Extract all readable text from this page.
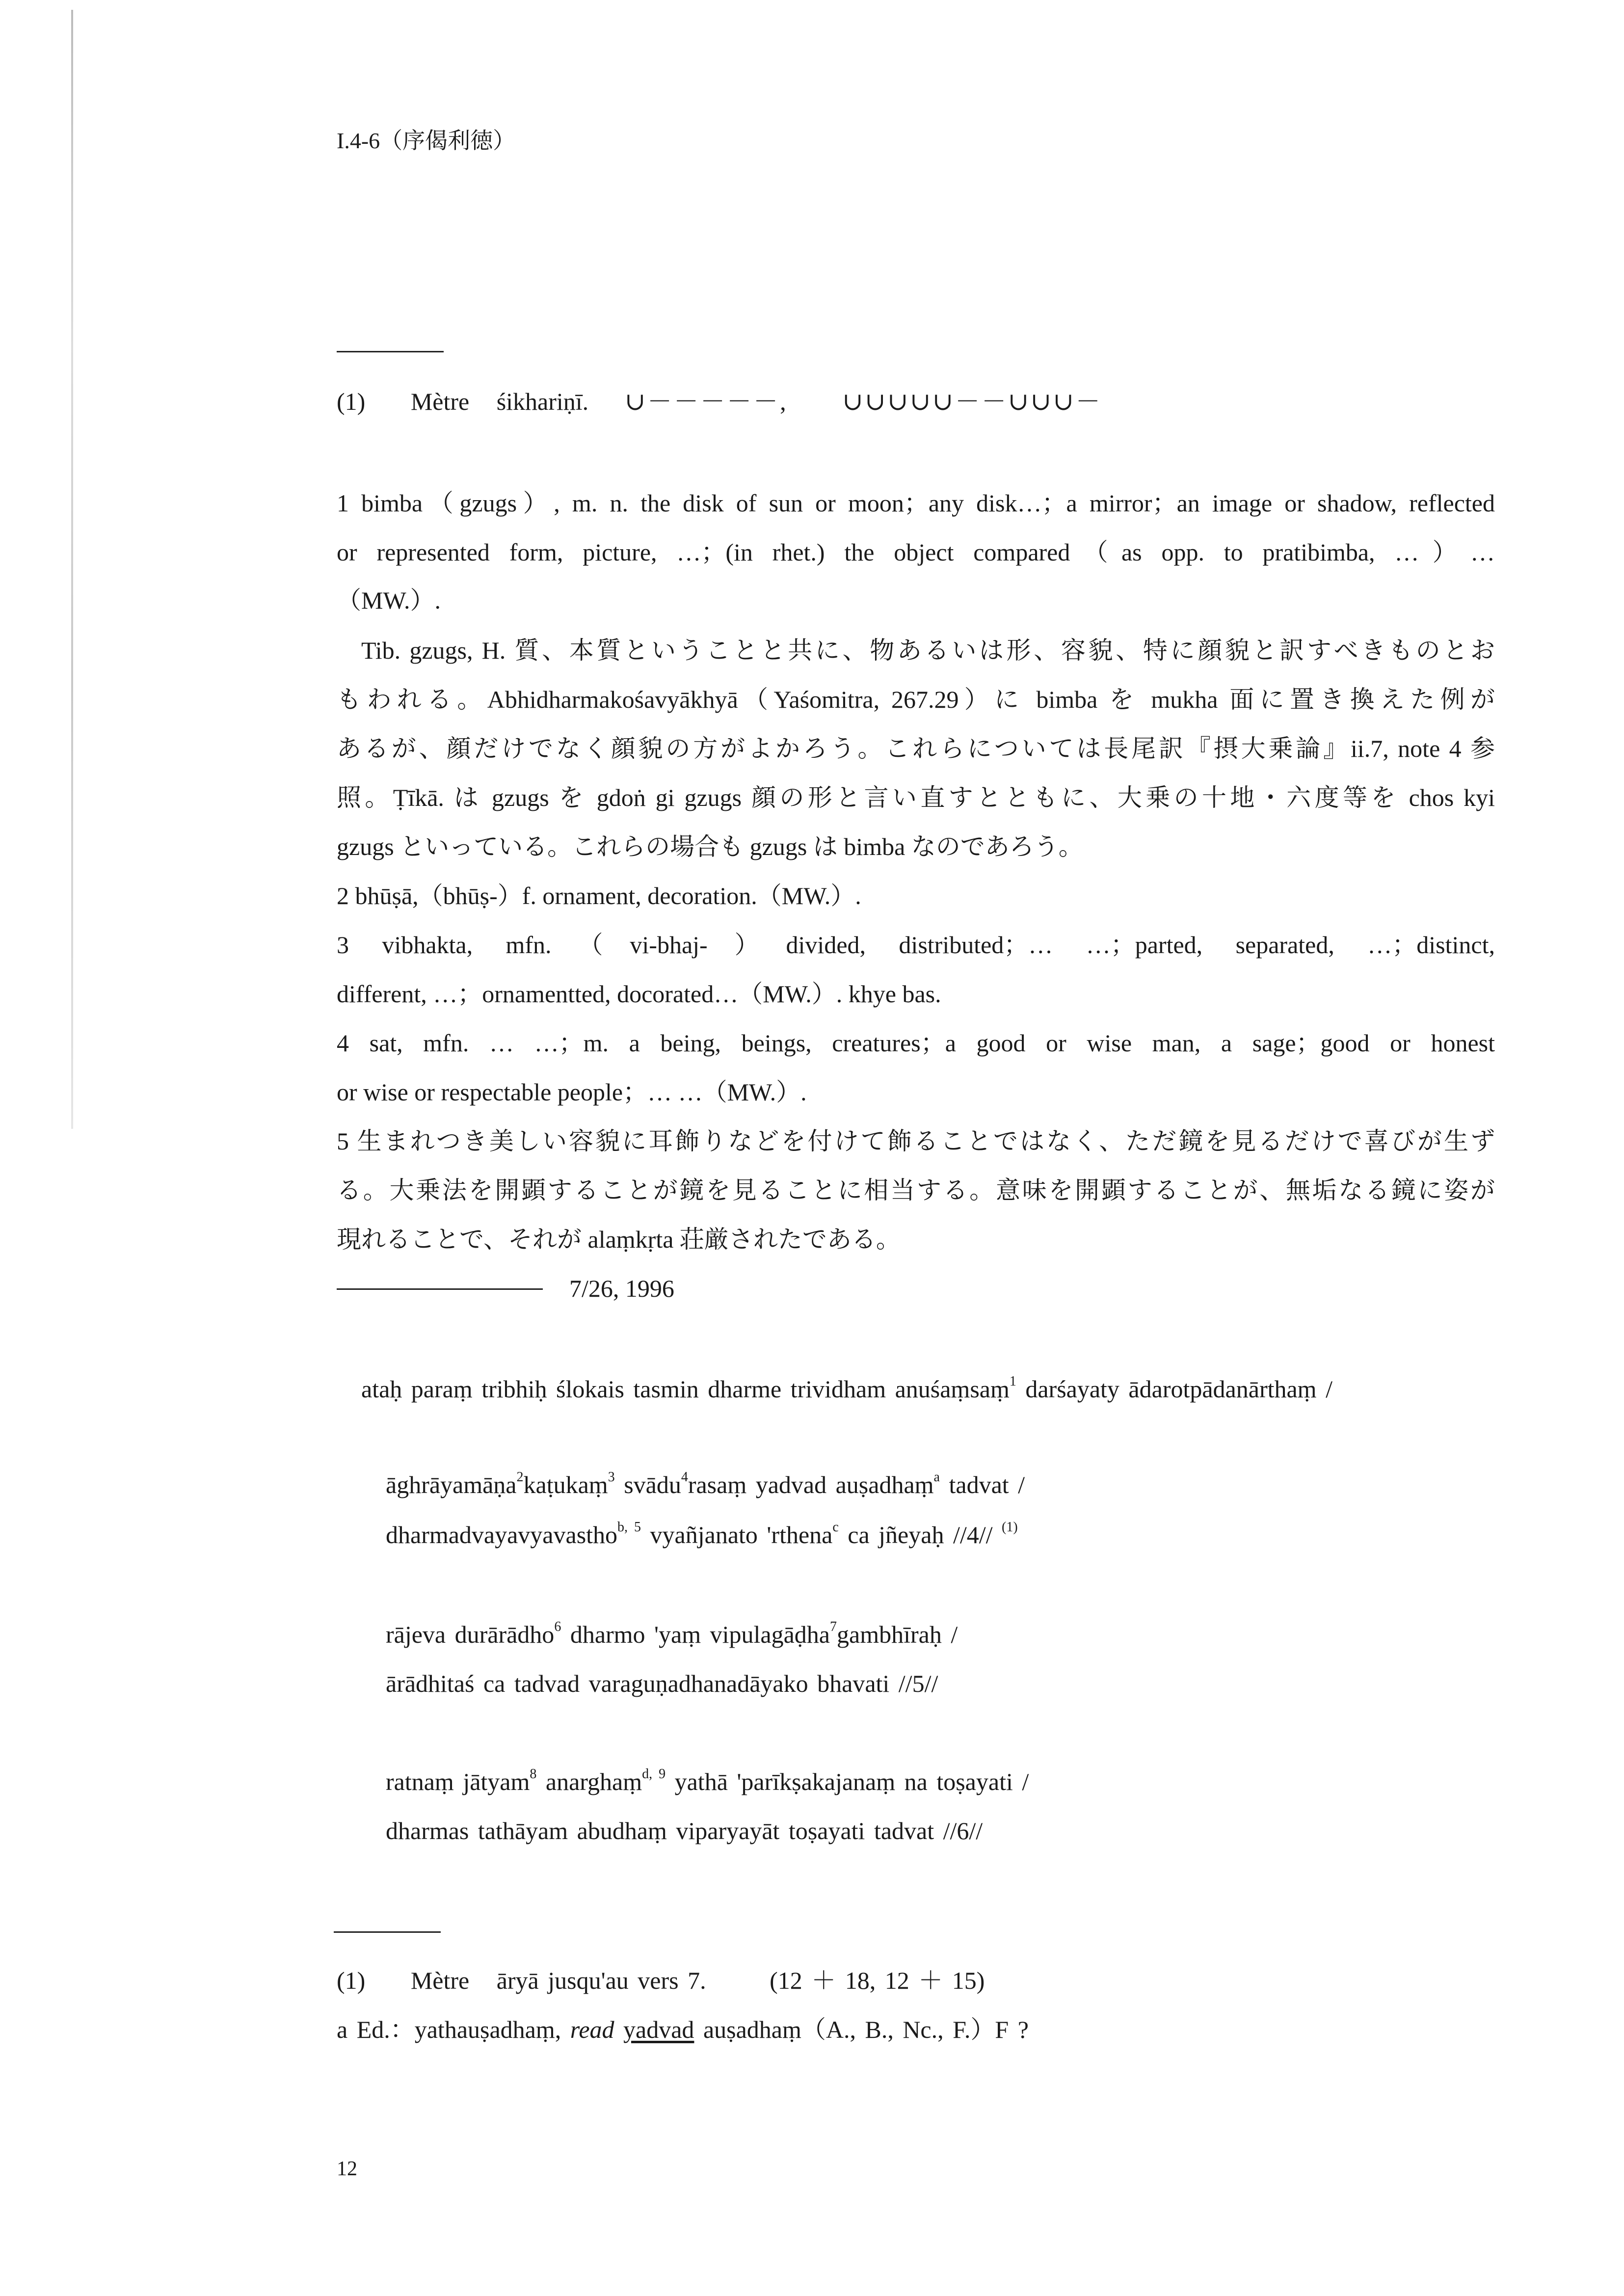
I.4-6（序偈利徳）
(1) Mètre śikhariṇī. ∪－－－－－, ∪∪∪∪∪－－∪∪∪－
1 bimba（gzugs）, m. n. the disk of sun or moon；any disk…；a mirror；an image or shadow, reflected
or represented form, picture, …；(in rhet.) the object compared（as opp. to pratibimba, …）…
（MW.）.
Tib. gzugs, H. 質、本質ということと共に、物あるいは形、容貌、特に顔貌と訳すべきものとお
もわれる。Abhidharmakośavyākhyā（Yaśomitra, 267.29）に bimba を mukha 面に置き換えた例が
あるが、顔だけでなく顔貌の方がよかろう。これらについては長尾訳『摂大乗論』ii.7, note 4 参
照。Ṭīkā. は gzugs を gdoṅ gi gzugs 顔の形と言い直すとともに、大乗の十地・六度等を chos kyi
gzugs といっている。これらの場合も gzugs は bimba なのであろう。
2 bhūṣā,（bhūṣ-）f. ornament, decoration.（MW.）.
3 vibhakta, mfn.（vi-bhaj-）divided, distributed；… …；parted, separated, …；distinct,
different, …；ornamentted, docorated…（MW.）. khye bas.
4 sat, mfn. … …；m. a being, beings, creatures；a good or wise man, a sage；good or honest
or wise or respectable people；… …（MW.）.
5 生まれつき美しい容貌に耳飾りなどを付けて飾ることではなく、ただ鏡を見るだけで喜びが生ず
る。大乗法を開顕することが鏡を見ることに相当する。意味を開顕することが、無垢なる鏡に姿が
現れることで、それが alaṃkṛta 荘厳されたである。
7/26, 1996
ataḥ paraṃ tribhiḥ ślokais tasmin dharme trividham anuśaṃsaṃ$^1$ darśayaty ādarotpādanārthaṃ /
āghrāyamāṇa$^2$kaṭukaṃ$^3$ svādu$^4$rasaṃ yadvad auṣadhaṃ$^a$ tadvat /
dharmadvayavyavastho$^{b, 5}$ vyañjanato 'rthena$^c$ ca jñeyaḥ //4// $^{(1)}$
rājeva durārādho$^6$ dharmo 'yaṃ vipulagāḍha$^7$gambhīraḥ /
ārādhitaś ca tadvad varaguṇadhanadāyako bhavati //5//
ratnaṃ jātyam$^8$ anarghaṃ$^{d, 9}$ yathā 'parīkṣakajanaṃ na toṣayati /
dharmas tathāyam abudhaṃ viparyayāt toṣayati tadvat //6//
(1) Mètre āryā jusqu'au vers 7.	(12 ＋ 18, 12 ＋ 15)
a Ed.：yathauṣadhaṃ, read yadvad auṣadhaṃ（A., B., Nc., F.）F ?
12
